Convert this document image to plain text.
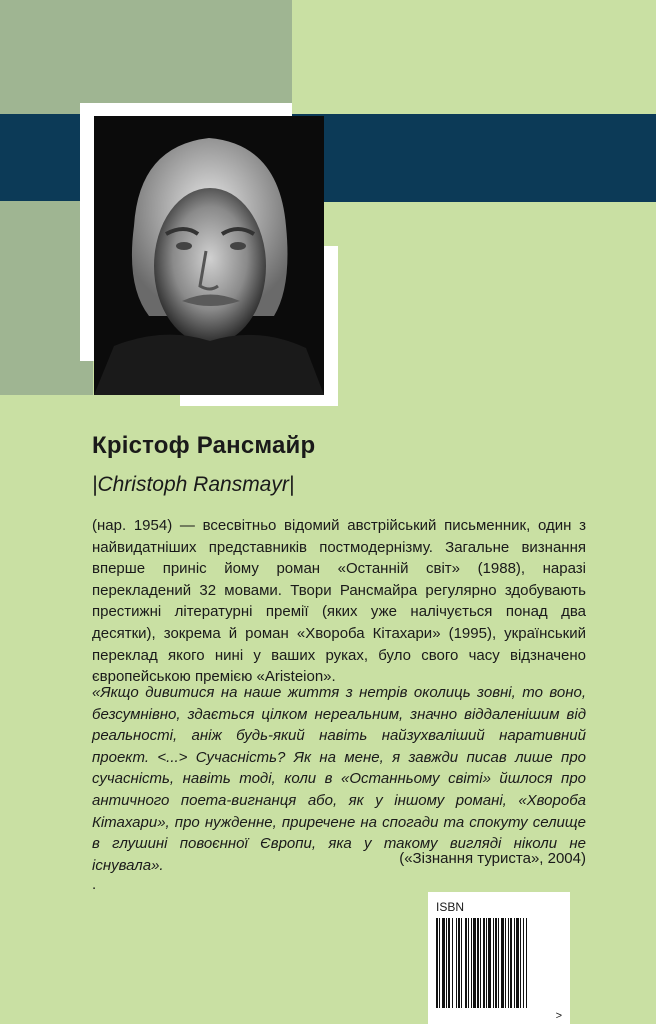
Крістоф Рансмайр
|Christoph Ransmayr|
(нар. 1954) — всесвітньо відомий австрійський письменник, один з найвидатніших представників постмодернізму. Загальне визнання вперше приніс йому роман «Останній світ» (1988), наразі перекладений 32 мовами. Твори Рансмайра регулярно здобувають престижні літературні премії (яких уже налічується понад два десятки), зокрема й роман «Хвороба Кітахари» (1995), український переклад якого нині у ваших руках, було свого часу відзначено європейською премією «Aristeion».
«Якщо дивитися на наше життя з нетрів околиць зовні, то воно, безсумнівно, здається цілком нереальним, значно віддаленішим від реальності, аніж будь-який навіть найзухваліший наративний проект. <...> Сучасність? Як на мене, я завжди писав лише про сучасність, навіть тоді, коли в «Останньому світі» йшлося про античного поета-вигнанця або, як у іншому романі, «Хвороба Кітахари», про нужденне, приречене на спогади та спокуту селище в глушині повоєнної Європи, яка у такому вигляді ніколи не існувала».	(«Зізнання туриста», 2004)
.
ISBN
>
